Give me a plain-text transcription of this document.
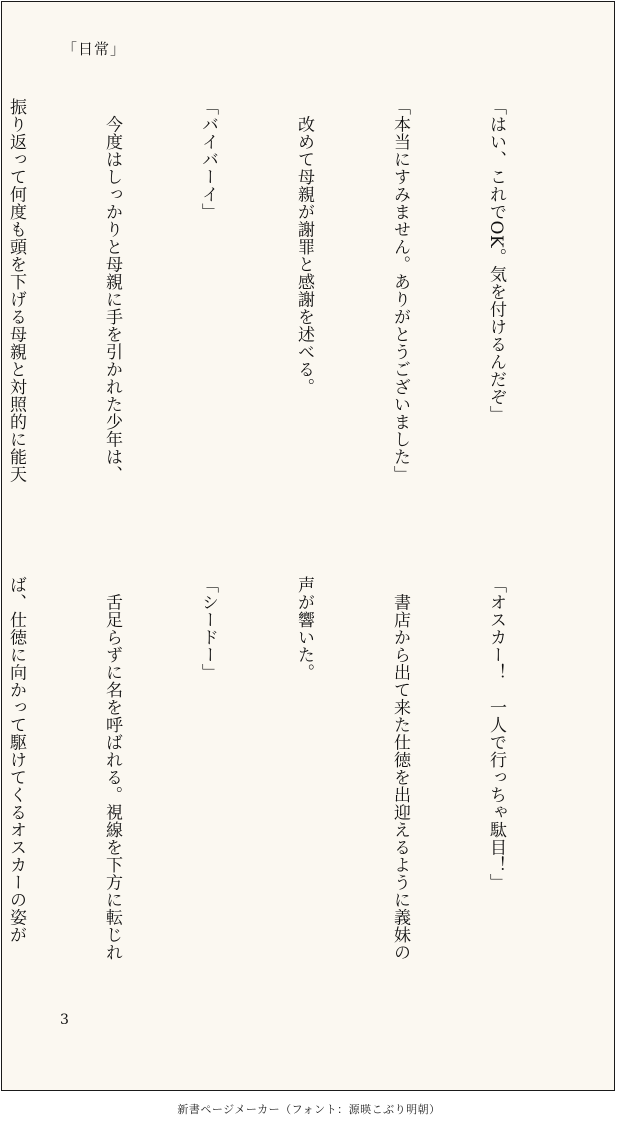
「日常」

「はい、これでOK。気を付けるんだぞ」

「本当にすみません。ありがとうございました」

　改めて母親が謝罪と感謝を述べる。

「バイバーイ」

　今度はしっかりと母親に手を引かれた少年は、

振り返って何度も頭を下げる母親と対照的に能天

「オスカー！　一人で行っちゃ駄目！」

　書店から出て来た仕徳を出迎えるように義妹の

声が響いた。

「シードー」

　舌足らずに名を呼ばれる。視線を下方に転じれ

ば、仕徳に向かって駆けてくるオスカーの姿が

3
新書ページメーカー（フォント：源暎こぶり明朝）
